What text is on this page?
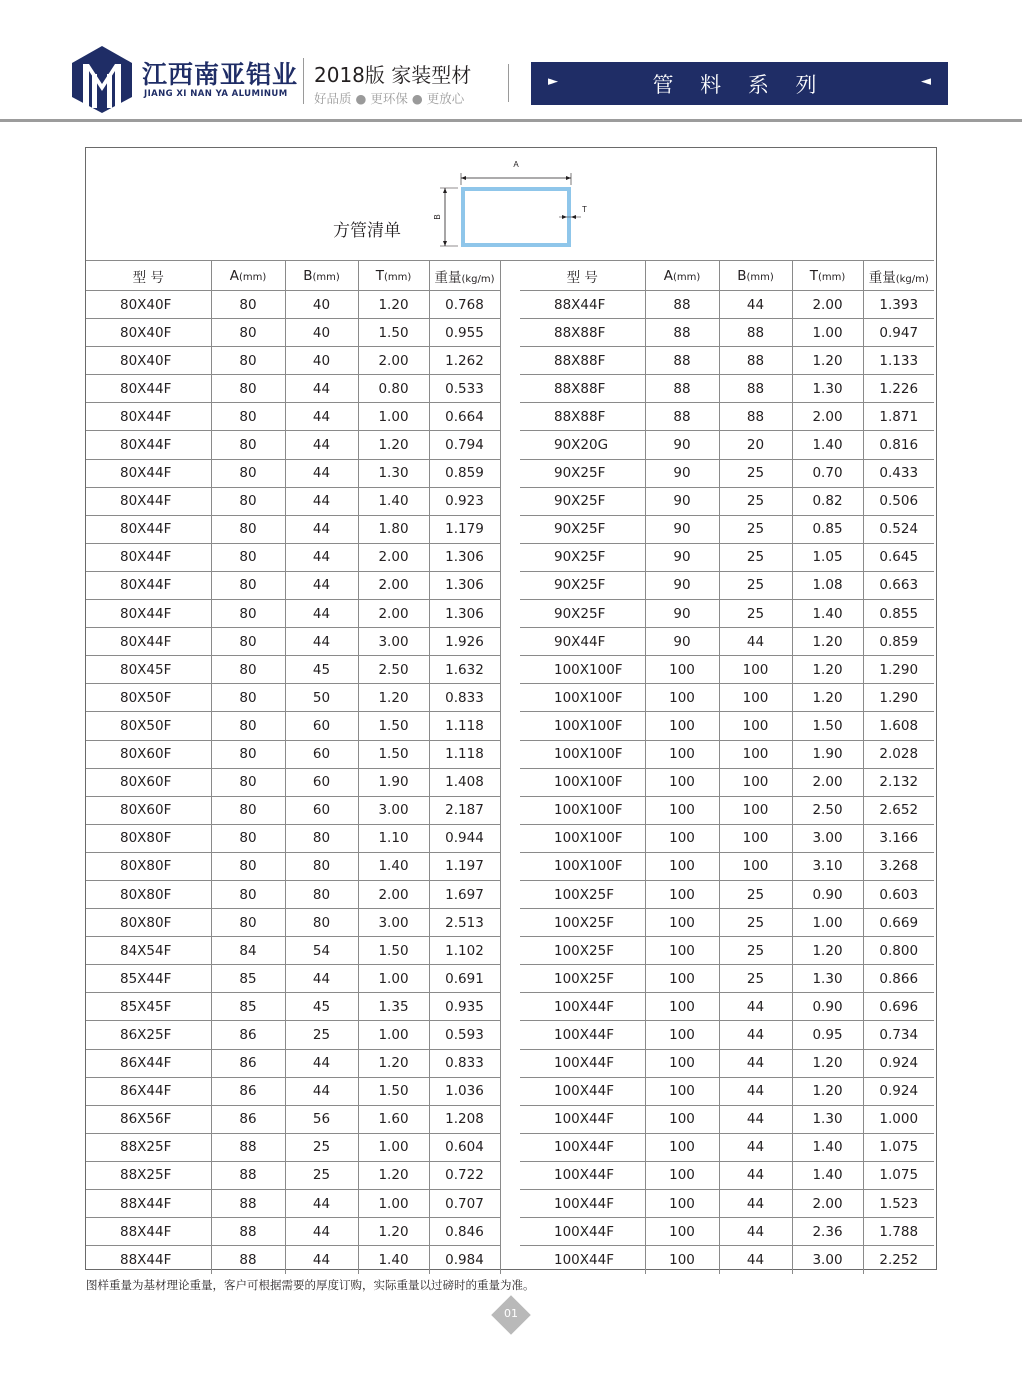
江西南亚铝业
JIANG XI NAN YA ALUMINUM
2018版 家装型材
好品质 ● 更环保 ● 更放心
►	管 料 系 列	◄
方管清单
A
B
T
型 号	A(mm)	B(mm)	T(mm)	重量(kg/m)
80X40F	80	40	1.20	0.768
80X40F	80	40	1.50	0.955
80X40F	80	40	2.00	1.262
80X44F	80	44	0.80	0.533
80X44F	80	44	1.00	0.664
80X44F	80	44	1.20	0.794
80X44F	80	44	1.30	0.859
80X44F	80	44	1.40	0.923
80X44F	80	44	1.80	1.179
80X44F	80	44	2.00	1.306
80X44F	80	44	2.00	1.306
80X44F	80	44	2.00	1.306
80X44F	80	44	3.00	1.926
80X45F	80	45	2.50	1.632
80X50F	80	50	1.20	0.833
80X50F	80	60	1.50	1.118
80X60F	80	60	1.50	1.118
80X60F	80	60	1.90	1.408
80X60F	80	60	3.00	2.187
80X80F	80	80	1.10	0.944
80X80F	80	80	1.40	1.197
80X80F	80	80	2.00	1.697
80X80F	80	80	3.00	2.513
84X54F	84	54	1.50	1.102
85X44F	85	44	1.00	0.691
85X45F	85	45	1.35	0.935
86X25F	86	25	1.00	0.593
86X44F	86	44	1.20	0.833
86X44F	86	44	1.50	1.036
86X56F	86	56	1.60	1.208
88X25F	88	25	1.00	0.604
88X25F	88	25	1.20	0.722
88X44F	88	44	1.00	0.707
88X44F	88	44	1.20	0.846
88X44F	88	44	1.40	0.984
型 号	A(mm)	B(mm)	T(mm)	重量(kg/m)
88X44F	88	44	2.00	1.393
88X88F	88	88	1.00	0.947
88X88F	88	88	1.20	1.133
88X88F	88	88	1.30	1.226
88X88F	88	88	2.00	1.871
90X20G	90	20	1.40	0.816
90X25F	90	25	0.70	0.433
90X25F	90	25	0.82	0.506
90X25F	90	25	0.85	0.524
90X25F	90	25	1.05	0.645
90X25F	90	25	1.08	0.663
90X25F	90	25	1.40	0.855
90X44F	90	44	1.20	0.859
100X100F	100	100	1.20	1.290
100X100F	100	100	1.20	1.290
100X100F	100	100	1.50	1.608
100X100F	100	100	1.90	2.028
100X100F	100	100	2.00	2.132
100X100F	100	100	2.50	2.652
100X100F	100	100	3.00	3.166
100X100F	100	100	3.10	3.268
100X25F	100	25	0.90	0.603
100X25F	100	25	1.00	0.669
100X25F	100	25	1.20	0.800
100X25F	100	25	1.30	0.866
100X44F	100	44	0.90	0.696
100X44F	100	44	0.95	0.734
100X44F	100	44	1.20	0.924
100X44F	100	44	1.20	0.924
100X44F	100	44	1.30	1.000
100X44F	100	44	1.40	1.075
100X44F	100	44	1.40	1.075
100X44F	100	44	2.00	1.523
100X44F	100	44	2.36	1.788
100X44F	100	44	3.00	2.252
图样重量为基材理论重量，客户可根据需要的厚度订购，实际重量以过磅时的重量为准。
01
